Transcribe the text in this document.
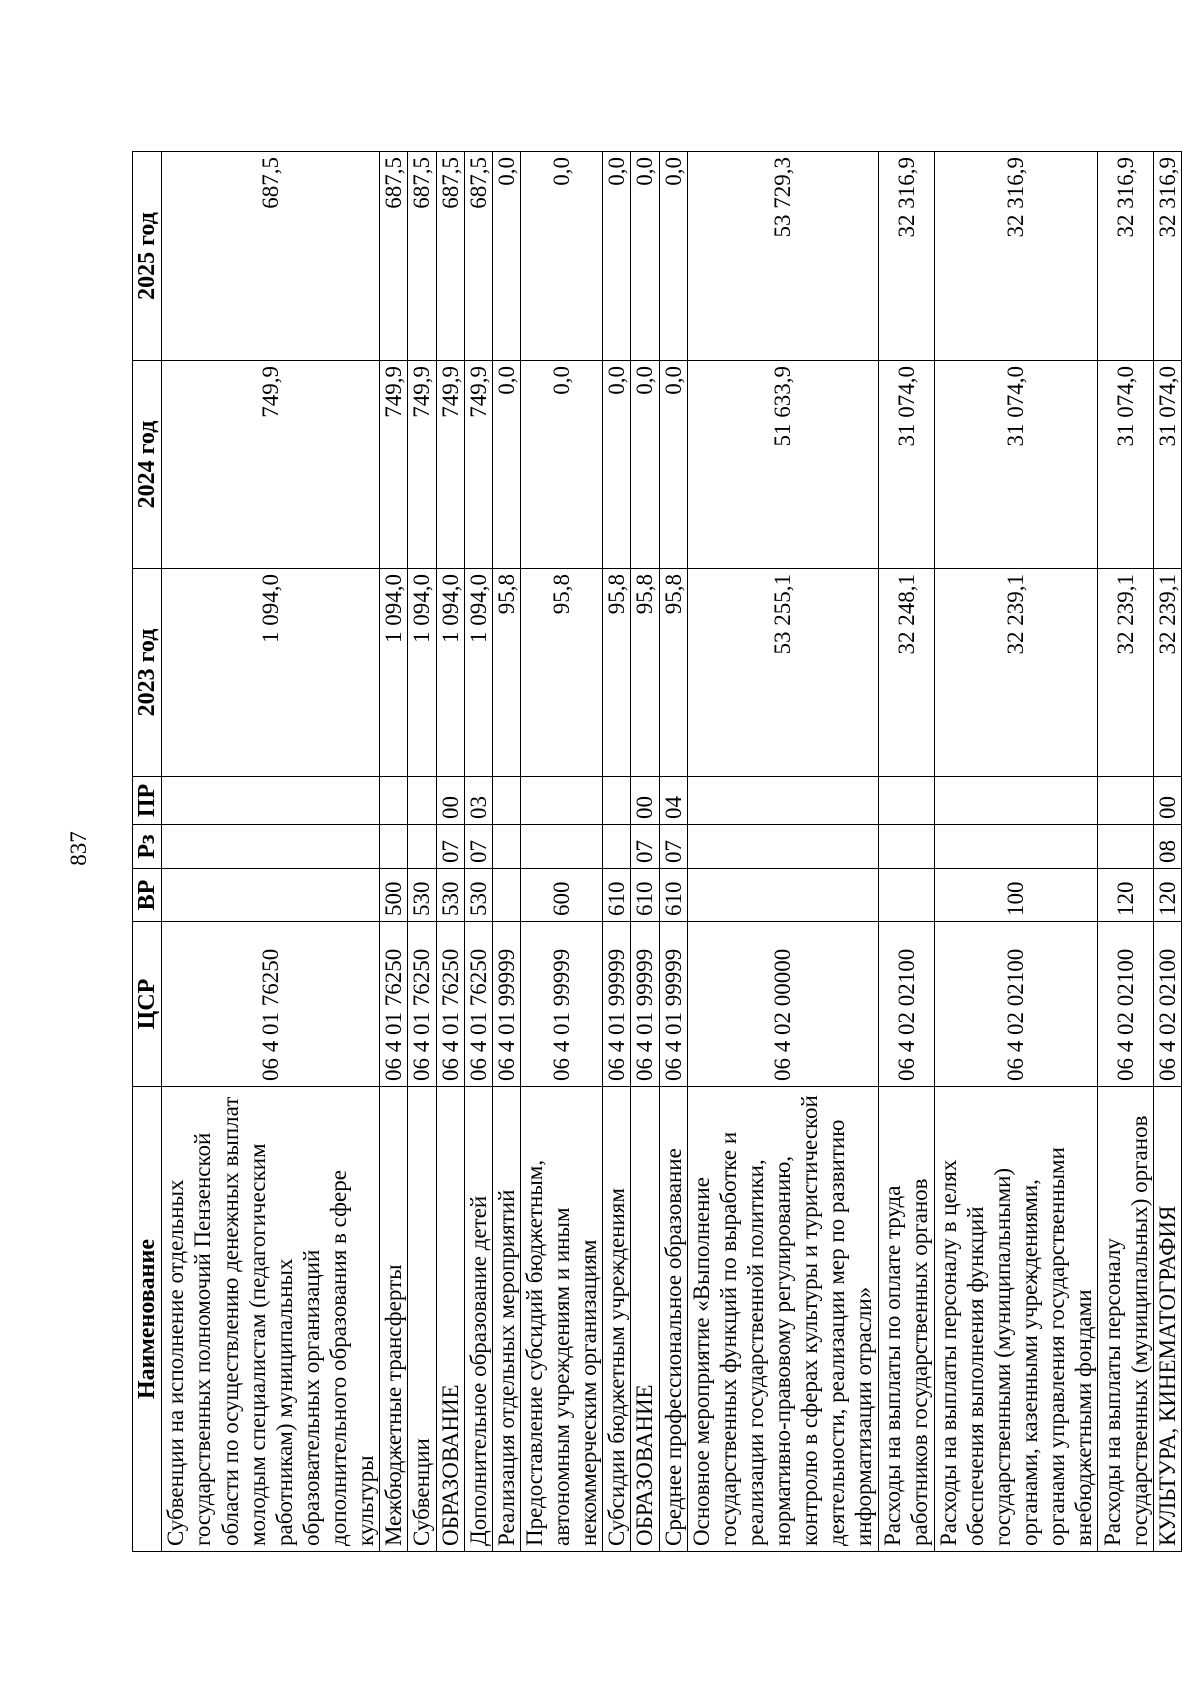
837
Наименование	ЦСР	ВР	Рз	ПР	2023 год	2024 год	2025 год
Субвенции на исполнение отдельных государственных полномочий Пензенской области по осуществлению денежных выплат молодым специалистам (педагогическим работникам) муниципальных образовательных организаций дополнительного образования в сфере культуры	06 4 01 76250				1 094,0	749,9	687,5
Межбюджетные трансферты	06 4 01 76250	500			1 094,0	749,9	687,5
Субвенции	06 4 01 76250	530			1 094,0	749,9	687,5
ОБРАЗОВАНИЕ	06 4 01 76250	530	07	00	1 094,0	749,9	687,5
Дополнительное образование детей	06 4 01 76250	530	07	03	1 094,0	749,9	687,5
Реализация отдельных мероприятий	06 4 01 99999				95,8	0,0	0,0
Предоставление субсидий бюджетным, автономным учреждениям и иным некоммерческим организациям	06 4 01 99999	600			95,8	0,0	0,0
Субсидии бюджетным учреждениям	06 4 01 99999	610			95,8	0,0	0,0
ОБРАЗОВАНИЕ	06 4 01 99999	610	07	00	95,8	0,0	0,0
Среднее профессиональное образование	06 4 01 99999	610	07	04	95,8	0,0	0,0
Основное мероприятие «Выполнение государственных функций по выработке и реализации государственной политики, нормативно-правовому регулированию, контролю в сферах культуры и туристической деятельности, реализации мер по развитию информатизации отрасли»	06 4 02 00000				53 255,1	51 633,9	53 729,3
Расходы на выплаты по оплате труда работников государственных органов	06 4 02 02100				32 248,1	31 074,0	32 316,9
Расходы на выплаты персоналу в целях обеспечения выполнения функций государственными (муниципальными) органами, казенными учреждениями, органами управления государственными внебюджетными фондами	06 4 02 02100	100			32 239,1	31 074,0	32 316,9
Расходы на выплаты персоналу государственных (муниципальных) органов	06 4 02 02100	120			32 239,1	31 074,0	32 316,9
КУЛЬТУРА, КИНЕМАТОГРАФИЯ	06 4 02 02100	120	08	00	32 239,1	31 074,0	32 316,9
